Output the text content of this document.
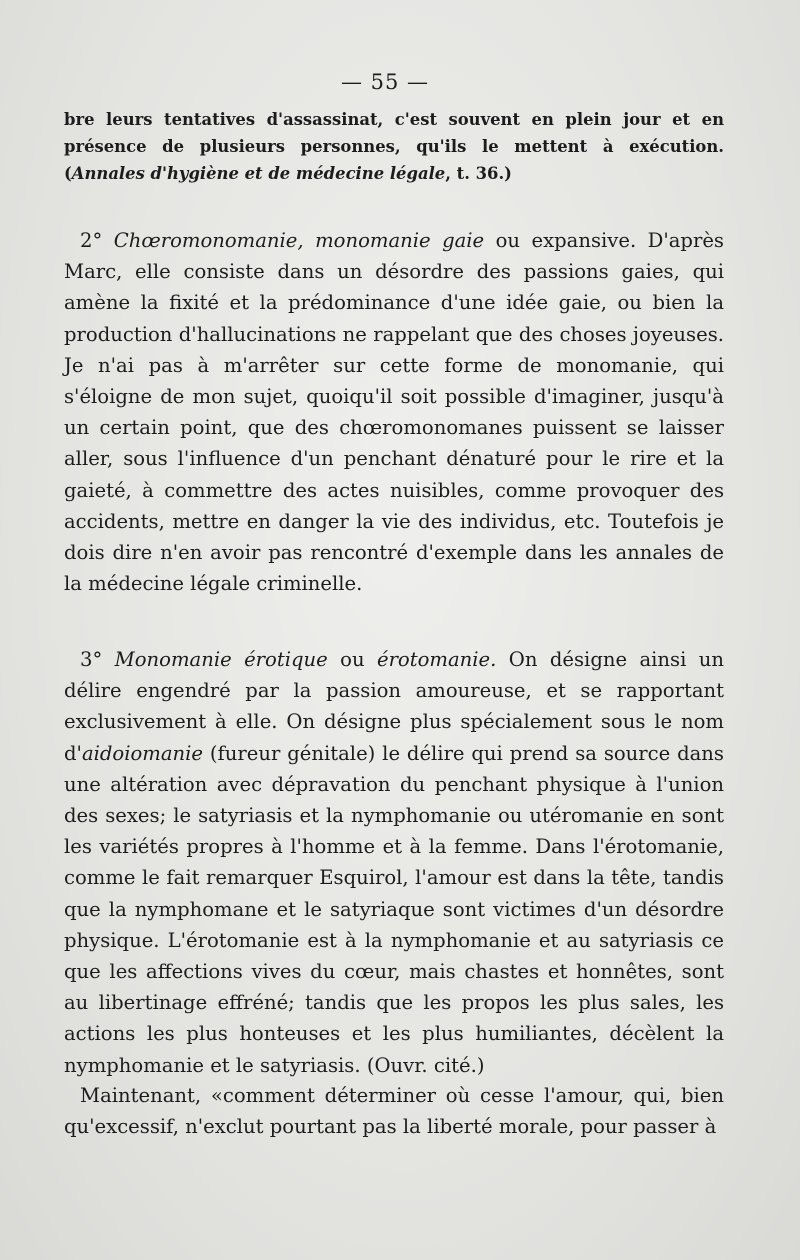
— 55 —

bre leurs tentatives d'assassinat, c'est souvent en plein jour et en présence de plusieurs personnes, qu'ils le mettent à exécution. (Annales d'hygiène et de médecine légale, t. 36.)

2° Chœromonomanie, monomanie gaie ou expansive. D'après Marc, elle consiste dans un désordre des passions gaies, qui amène la fixité et la prédominance d'une idée gaie, ou bien la production d'hallucinations ne rappelant que des choses joyeuses. Je n'ai pas à m'arrêter sur cette forme de monomanie, qui s'éloigne de mon sujet, quoiqu'il soit possible d'imaginer, jusqu'à un certain point, que des chœromonomanes puissent se laisser aller, sous l'influence d'un penchant dénaturé pour le rire et la gaieté, à commettre des actes nuisibles, comme provoquer des accidents, mettre en danger la vie des individus, etc. Toutefois je dois dire n'en avoir pas rencontré d'exemple dans les annales de la médecine légale criminelle.

3° Monomanie érotique ou érotomanie. On désigne ainsi un délire engendré par la passion amoureuse, et se rapportant exclusivement à elle. On désigne plus spécialement sous le nom d'aidoiomanie (fureur génitale) le délire qui prend sa source dans une altération avec dépravation du penchant physique à l'union des sexes; le satyriasis et la nymphomanie ou utéromanie en sont les variétés propres à l'homme et à la femme. Dans l'érotomanie, comme le fait remarquer Esquirol, l'amour est dans la tête, tandis que la nymphomane et le satyriaque sont victimes d'un désordre physique. L'érotomanie est à la nymphomanie et au satyriasis ce que les affections vives du cœur, mais chastes et honnêtes, sont au libertinage effréné; tandis que les propos les plus sales, les actions les plus honteuses et les plus humiliantes, décèlent la nymphomanie et le satyriasis. (Ouvr. cité.)

Maintenant, «comment déterminer où cesse l'amour, qui, bien qu'excessif, n'exclut pourtant pas la liberté morale, pour passer à
